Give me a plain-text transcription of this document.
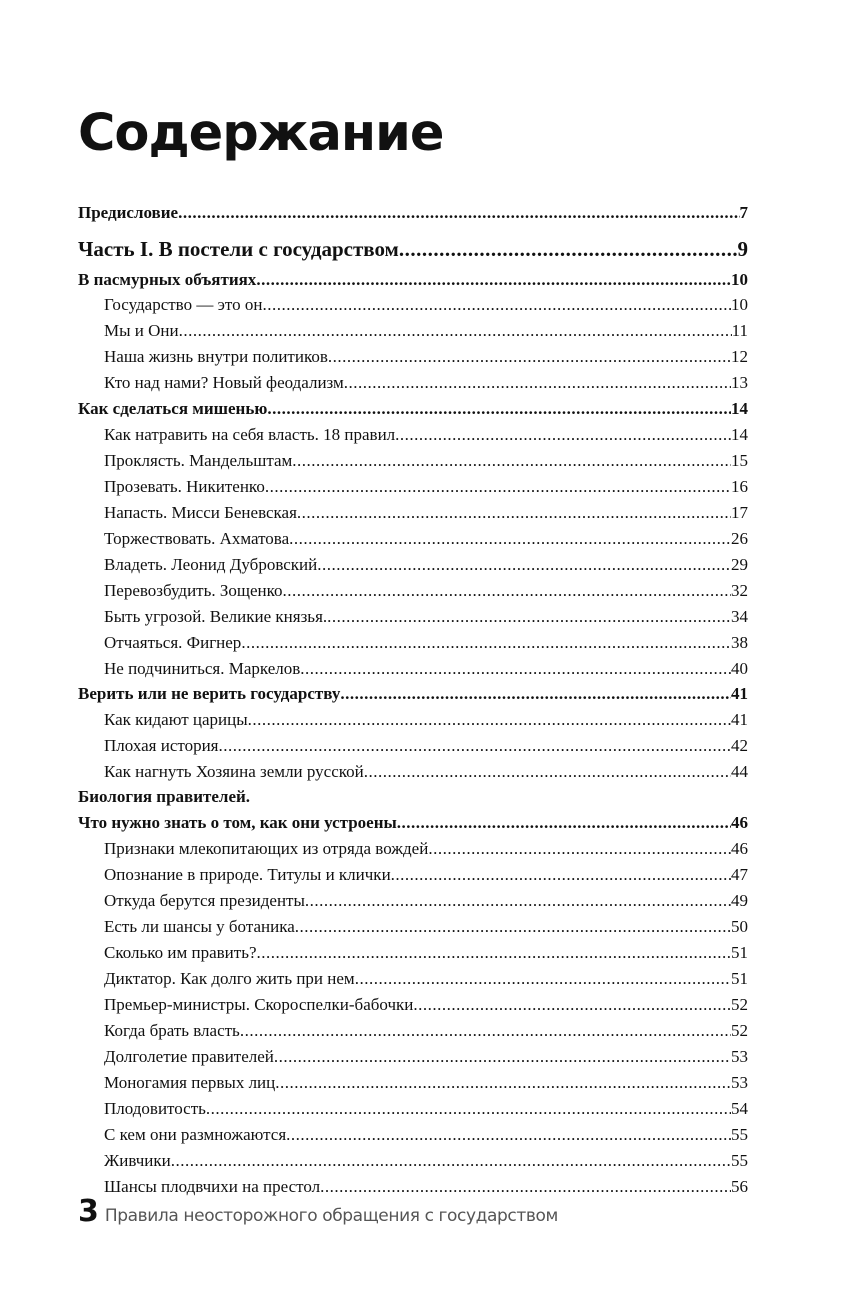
Содержание
Предисловие .....	7
Часть I. В постели с государством .....	9
В пасмурных объятиях .....	10
Государство — это он .....	10
Мы и Они .....	11
Наша жизнь внутри политиков .....	12
Кто над нами? Новый феодализм .....	13
Как сделаться мишенью .....	14
Как натравить на себя власть. 18 правил .....	14
Проклясть. Мандельштам .....	15
Прозевать. Никитенко .....	16
Напасть. Мисси Беневская .....	17
Торжествовать. Ахматова .....	26
Владеть. Леонид Дубровский .....	29
Перевозбудить. Зощенко .....	32
Быть угрозой. Великие князья. .....	34
Отчаяться. Фигнер .....	38
Не подчиниться. Маркелов .....	40
Верить или не верить государству .....	41
Как кидают царицы .....	41
Плохая история .....	42
Как нагнуть Хозяина земли русской .....	44
Биология правителей.
Что нужно знать о том, как они устроены .....	46
Признаки млекопитающих из отряда вождей .....	46
Опознание в природе. Титулы и клички .....	47
Откуда берутся президенты .....	49
Есть ли шансы у ботаника .....	50
Сколько им править? .....	51
Диктатор. Как долго жить при нем .....	51
Премьер-министры. Скороспелки-бабочки .....	52
Когда брать власть .....	52
Долголетие правителей .....	53
Моногамия первых лиц .....	53
Плодовитость .....	54
С кем они размножаются .....	55
Живчики .....	55
Шансы плодвчихи на престол .....	56
3 Правила неосторожного обращения с государством
